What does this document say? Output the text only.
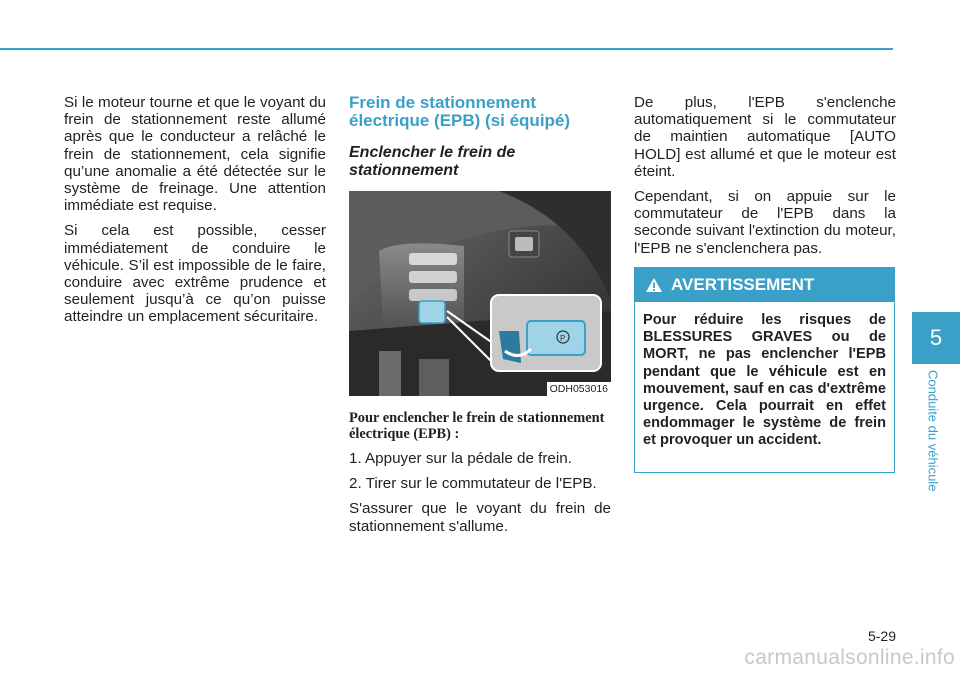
Si le moteur tourne et que le voyant du frein de stationnement reste allumé après que le conducteur a relâché le frein de stationnement, cela signifie qu’une anomalie a été détectée sur le système de freinage. Une attention immédiate est requise.

Si cela est possible, cesser immédiatement de conduire le véhicule. S’il est impossible de le faire, conduire avec extrême prudence et seulement jusqu’à ce qu’on puisse atteindre un emplacement sécuritaire.

Frein de stationnement électrique (EPB) (si équipé)
Enclencher le frein de stationnement
P
ODH053016
Pour enclencher le frein de stationnement électrique (EPB) :
1. Appuyer sur la pédale de frein.
2. Tirer sur le commutateur de l'EPB.

S'assurer que le voyant du frein de stationnement s'allume.

De plus, l'EPB s'enclenche automatiquement si le commutateur de maintien automatique [AUTO HOLD] est allumé et que le moteur est éteint.

Cependant, si on appuie sur le commutateur de l'EPB dans la seconde suivant l'extinction du moteur, l'EPB ne s'enclenchera pas.

AVERTISSEMENT
Pour réduire les risques de BLESSURES GRAVES ou de MORT, ne pas enclencher l'EPB pendant que le véhicule est en mouvement, sauf en cas d'extrême urgence. Cela pourrait en effet endommager le système de frein et provoquer un accident.
5
Conduite du véhicule
5-29
carmanualsonline.info
